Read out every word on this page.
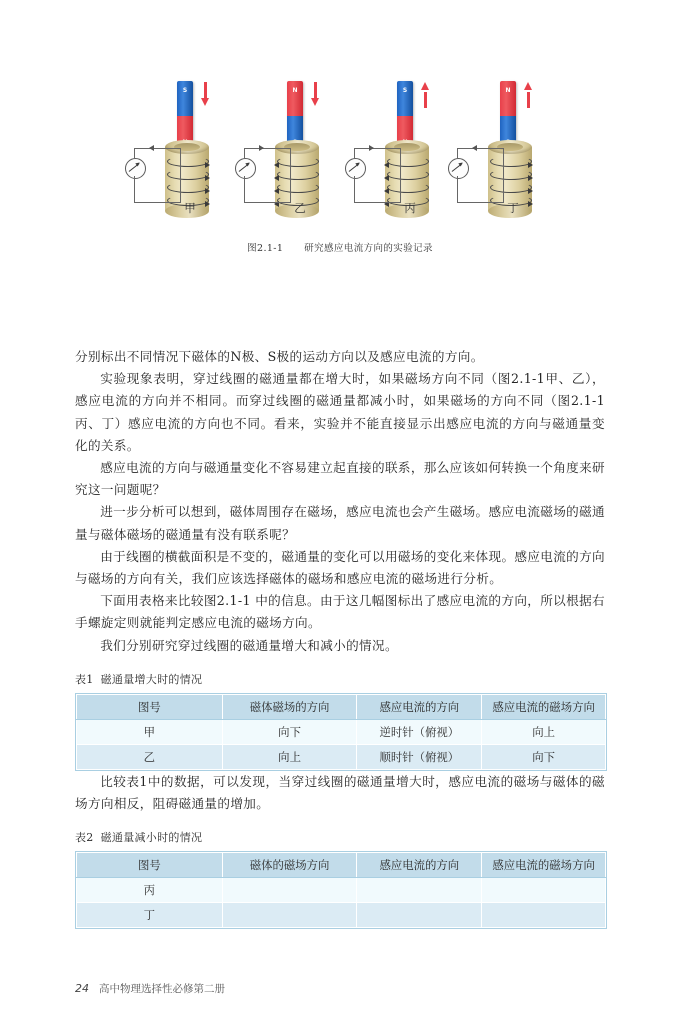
S
甲
N
乙
S
丙
N
丁
图2.1-1 研究感应电流方向的实验记录

分别标出不同情况下磁体的N极、S极的运动方向以及感应电流的方向。

实验现象表明，穿过线圈的磁通量都在增大时，如果磁场方向不同（图2.1-1甲、乙），感应电流的方向并不相同。而穿过线圈的磁通量都减小时，如果磁场的方向不同（图2.1-1丙、丁）感应电流的方向也不同。看来，实验并不能直接显示出感应电流的方向与磁通量变化的关系。

感应电流的方向与磁通量变化不容易建立起直接的联系，那么应该如何转换一个角度来研究这一问题呢？

进一步分析可以想到，磁体周围存在磁场，感应电流也会产生磁场。感应电流磁场的磁通量与磁体磁场的磁通量有没有联系呢？

由于线圈的横截面积是不变的，磁通量的变化可以用磁场的变化来体现。感应电流的方向与磁场的方向有关，我们应该选择磁体的磁场和感应电流的磁场进行分析。

下面用表格来比较图2.1-1 中的信息。由于这几幅图标出了感应电流的方向，所以根据右手螺旋定则就能判定感应电流的磁场方向。

我们分别研究穿过线圈的磁通量增大和减小的情况。

表1 磁通量增大时的情况
图号	磁体磁场的方向	感应电流的方向	感应电流的磁场方向
甲	向下	逆时针（俯视）	向上
乙	向上	顺时针（俯视）	向下

比较表1中的数据，可以发现，当穿过线圈的磁通量增大时，感应电流的磁场与磁体的磁场方向相反，阻碍磁通量的增加。

表2 磁通量减小时的情况
图号	磁体的磁场方向	感应电流的方向	感应电流的磁场方向
丙			
丁			
24 高中物理选择性必修第二册
